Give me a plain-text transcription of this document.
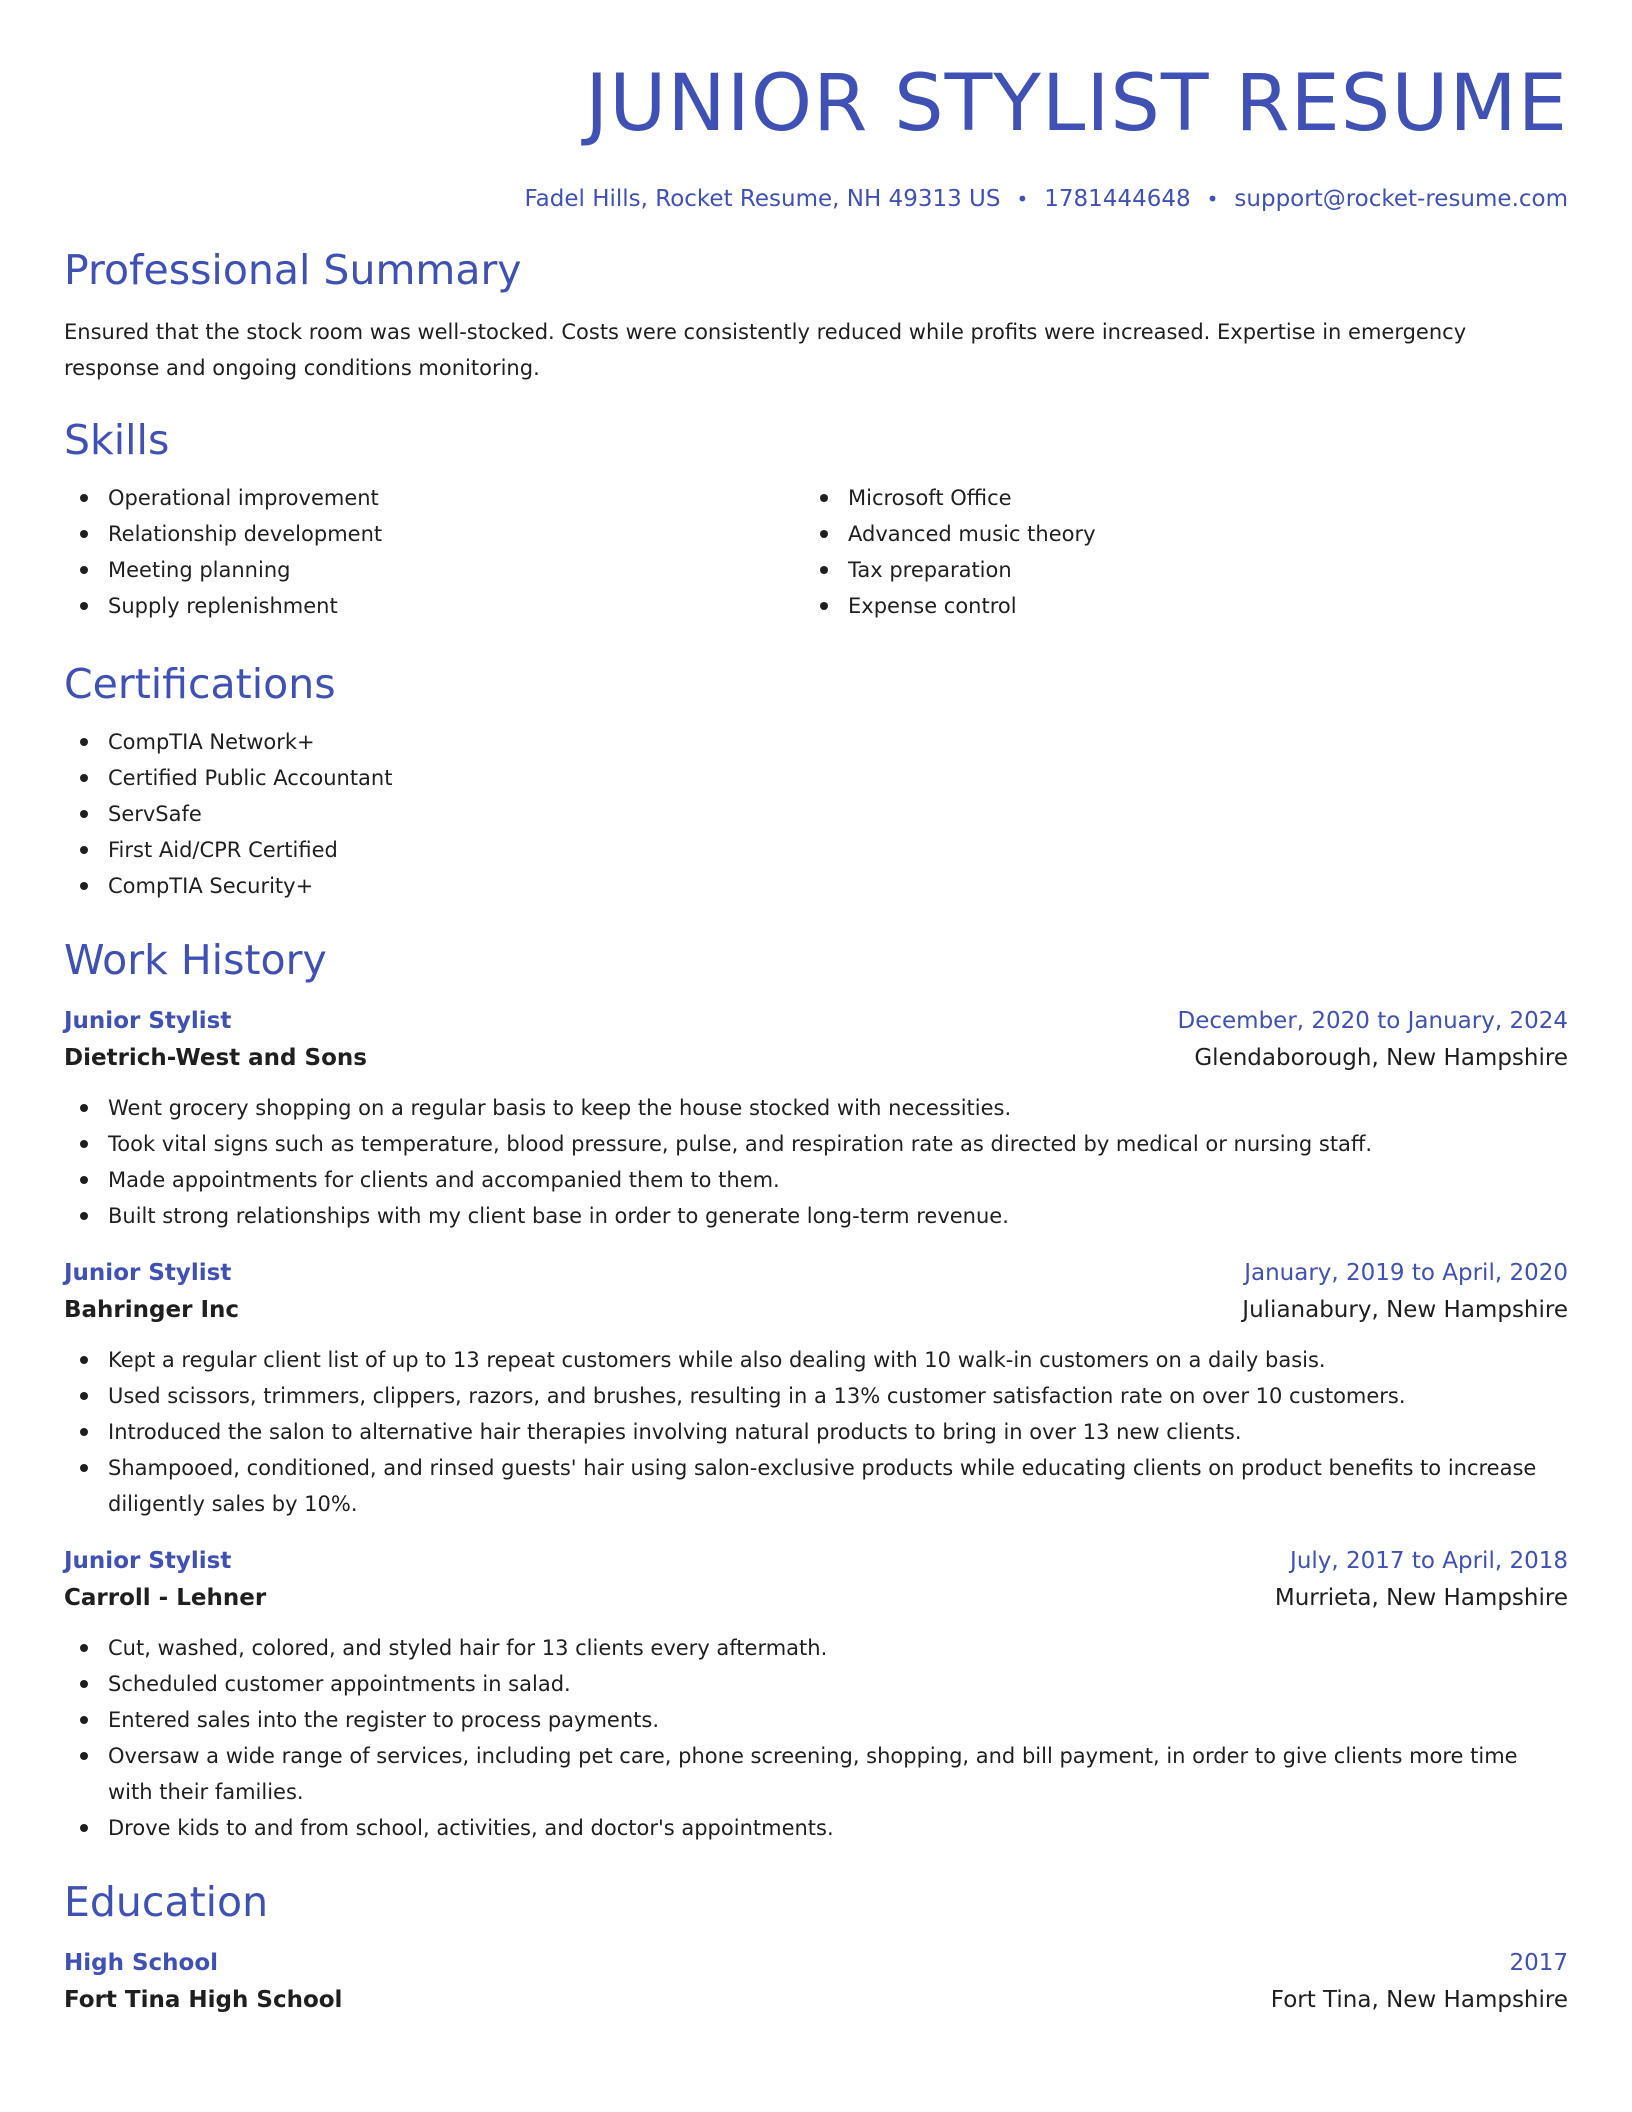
JUNIOR STYLIST RESUME
Fadel Hills, Rocket Resume, NH 49313 US • 1781444648 • support@rocket-resume.com
Professional Summary

Ensured that the stock room was well-stocked. Costs were consistently reduced while profits were increased. Expertise in emergency response and ongoing conditions monitoring.

Skills
Operational improvement
Relationship development
Meeting planning
Supply replenishment
Microsoft Office
Advanced music theory
Tax preparation
Expense control
Certifications
CompTIA Network+
Certified Public Accountant
ServSafe
First Aid/CPR Certified
CompTIA Security+
Work History
Junior Stylist	December, 2020 to January, 2024
Dietrich-West and Sons	Glendaborough, New Hampshire
Went grocery shopping on a regular basis to keep the house stocked with necessities.
Took vital signs such as temperature, blood pressure, pulse, and respiration rate as directed by medical or nursing staff.
Made appointments for clients and accompanied them to them.
Built strong relationships with my client base in order to generate long-term revenue.
Junior Stylist	January, 2019 to April, 2020
Bahringer Inc	Julianabury, New Hampshire
Kept a regular client list of up to 13 repeat customers while also dealing with 10 walk-in customers on a daily basis.
Used scissors, trimmers, clippers, razors, and brushes, resulting in a 13% customer satisfaction rate on over 10 customers.
Introduced the salon to alternative hair therapies involving natural products to bring in over 13 new clients.
Shampooed, conditioned, and rinsed guests' hair using salon-exclusive products while educating clients on product benefits to increase diligently sales by 10%.
Junior Stylist	July, 2017 to April, 2018
Carroll - Lehner	Murrieta, New Hampshire
Cut, washed, colored, and styled hair for 13 clients every aftermath.
Scheduled customer appointments in salad.
Entered sales into the register to process payments.
Oversaw a wide range of services, including pet care, phone screening, shopping, and bill payment, in order to give clients more time with their families.
Drove kids to and from school, activities, and doctor's appointments.
Education
High School	2017
Fort Tina High School	Fort Tina, New Hampshire
